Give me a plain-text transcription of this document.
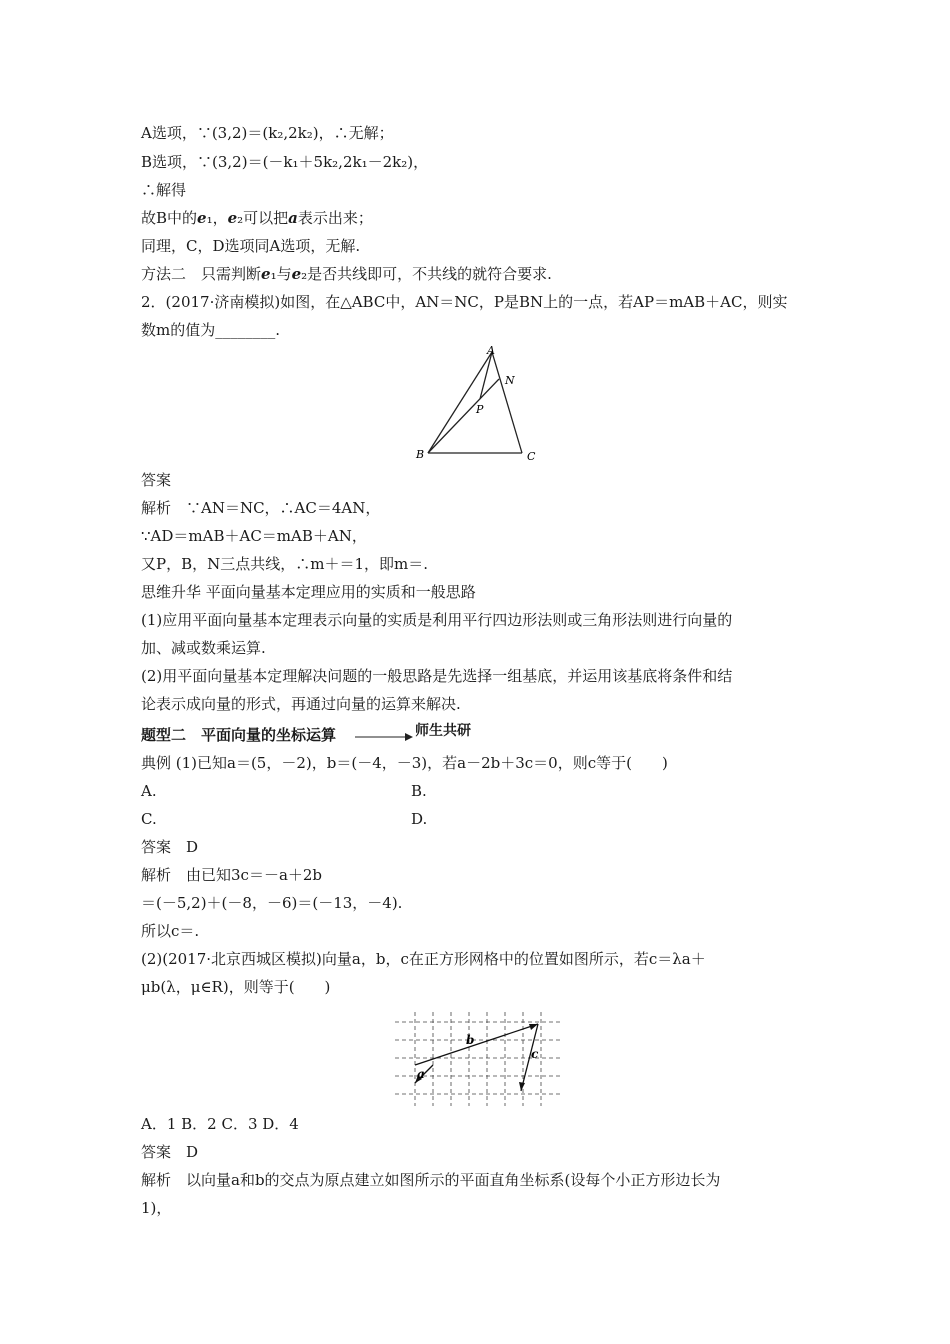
A选项，∵(3,2)＝(k₂,2k₂)，∴无解；
B选项，∵(3,2)＝(－k₁＋5k₂,2k₁－2k₂)，
∴解得
故B中的e₁，e₂可以把a表示出来；
同理，C，D选项同A选项，无解.
方法二　只需判断e₁与e₂是否共线即可，不共线的就符合要求.
2．(2017·济南模拟)如图，在△ABC中，AN＝NC，P是BN上的一点，若AP＝mAB＋AC，则实
数m的值为________.
A
N
P
B	C
答案
解析　∵AN＝NC，∴AC＝4AN，
∵AD＝mAB＋AC＝mAB＋AN，
又P，B，N三点共线，∴m＋＝1，即m＝.
思维升华 平面向量基本定理应用的实质和一般思路
(1)应用平面向量基本定理表示向量的实质是利用平行四边形法则或三角形法则进行向量的
加、减或数乘运算.
(2)用平面向量基本定理解决问题的一般思路是先选择一组基底，并运用该基底将条件和结
论表示成向量的形式，再通过向量的运算来解决.
题型二　平面向量的坐标运算	师生共研
典例 (1)已知a＝(5，－2)，b＝(－4，－3)，若a－2b＋3c＝0，则c等于(　　)
A.	B.
C.	D.
答案　D
解析　由已知3c＝－a＋2b
＝(－5,2)＋(－8，－6)＝(－13，－4).
所以c＝.
(2)(2017·北京西城区模拟)向量a，b，c在正方形网格中的位置如图所示，若c＝λa＋
μb(λ，μ∈R)，则等于(　　)
b
c
a
A．1 B．2 C．3 D．4
答案　D
解析　以向量a和b的交点为原点建立如图所示的平面直角坐标系(设每个小正方形边长为
1)，
